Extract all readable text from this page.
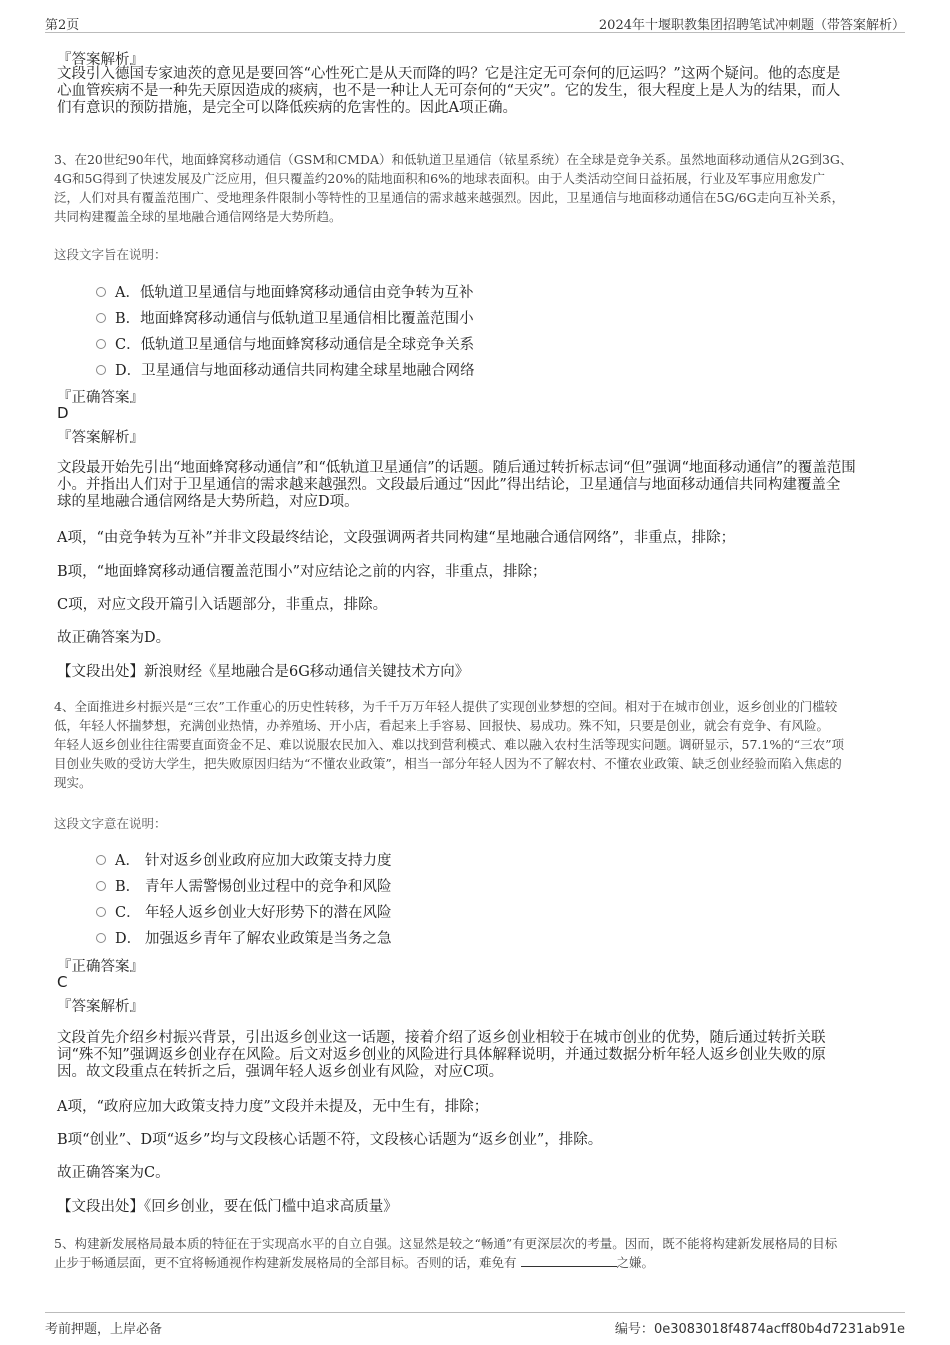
第2页	2024年十堰职教集团招聘笔试冲刺题（带答案解析）
『答案解析』
文段引入德国专家迪茨的意见是要回答“心性死亡是从天而降的吗？它是注定无可奈何的厄运吗？”这两个疑问。他的态度是
心血管疾病不是一种先天原因造成的痰病，也不是一种让人无可奈何的“天灾”。它的发生，很大程度上是人为的结果，而人
们有意识的预防措施，是完全可以降低疾病的危害性的。因此A项正确。
3、在20世纪90年代，地面蜂窝移动通信（GSM和CMDA）和低轨道卫星通信（铱星系统）在全球是竞争关系。虽然地面移动通信从2G到3G、
4G和5G得到了快速发展及广泛应用，但只覆盖约20%的陆地面积和6%的地球表面积。由于人类活动空间日益拓展，行业及军事应用愈发广
泛，人们对具有覆盖范围广、受地理条件限制小等特性的卫星通信的需求越来越强烈。因此，卫星通信与地面移动通信在5G/6G走向互补关系，
共同构建覆盖全球的星地融合通信网络是大势所趋。
这段文字旨在说明：
A．低轨道卫星通信与地面蜂窝移动通信由竞争转为互补
B．地面蜂窝移动通信与低轨道卫星通信相比覆盖范围小
C．低轨道卫星通信与地面蜂窝移动通信是全球竞争关系
D．卫星通信与地面移动通信共同构建全球星地融合网络
『正确答案』
D
『答案解析』
文段最开始先引出“地面蜂窝移动通信”和“低轨道卫星通信”的话题。随后通过转折标志词“但”强调“地面移动通信”的覆盖范围
小。并指出人们对于卫星通信的需求越来越强烈。文段最后通过“因此”得出结论，卫星通信与地面移动通信共同构建覆盖全
球的星地融合通信网络是大势所趋，对应D项。
A项，“由竞争转为互补”并非文段最终结论，文段强调两者共同构建“星地融合通信网络”，非重点，排除；
B项，“地面蜂窝移动通信覆盖范围小”对应结论之前的内容，非重点，排除；
C项，对应文段开篇引入话题部分，非重点，排除。
故正确答案为D。
【文段出处】新浪财经《星地融合是6G移动通信关键技术方向》
4、全面推进乡村振兴是“三农”工作重心的历史性转移，为千千万万年轻人提供了实现创业梦想的空间。相对于在城市创业，返乡创业的门槛较
低，年轻人怀揣梦想，充满创业热情，办养殖场、开小店，看起来上手容易、回报快、易成功。殊不知，只要是创业，就会有竞争、有风险。
年轻人返乡创业往往需要直面资金不足、难以说服农民加入、难以找到营利模式、难以融入农村生活等现实问题。调研显示，57.1%的“三农”项
目创业失败的受访大学生，把失败原因归结为“不懂农业政策”，相当一部分年轻人因为不了解农村、不懂农业政策、缺乏创业经验而陷入焦虑的
现实。
这段文字意在说明：
A． 针对返乡创业政府应加大政策支持力度
B． 青年人需警惕创业过程中的竞争和风险
C． 年轻人返乡创业大好形势下的潜在风险
D． 加强返乡青年了解农业政策是当务之急
『正确答案』
C
『答案解析』
文段首先介绍乡村振兴背景，引出返乡创业这一话题，接着介绍了返乡创业相较于在城市创业的优势，随后通过转折关联
词“殊不知”强调返乡创业存在风险。后文对返乡创业的风险进行具体解释说明，并通过数据分析年轻人返乡创业失败的原
因。故文段重点在转折之后，强调年轻人返乡创业有风险，对应C项。
A项，“政府应加大政策支持力度”文段并未提及，无中生有，排除；
B项“创业”、D项“返乡”均与文段核心话题不符，文段核心话题为“返乡创业”，排除。
故正确答案为C。
【文段出处】《回乡创业，要在低门槛中追求高质量》
5、构建新发展格局最本质的特征在于实现高水平的自立自强。这显然是较之“畅通”有更深层次的考量。因而，既不能将构建新发展格局的目标
止步于畅通层面，更不宜将畅通视作构建新发展格局的全部目标。否则的话，难免有	之嫌。
考前押题，上岸必备	编号：0e3083018f4874acff80b4d7231ab91e
